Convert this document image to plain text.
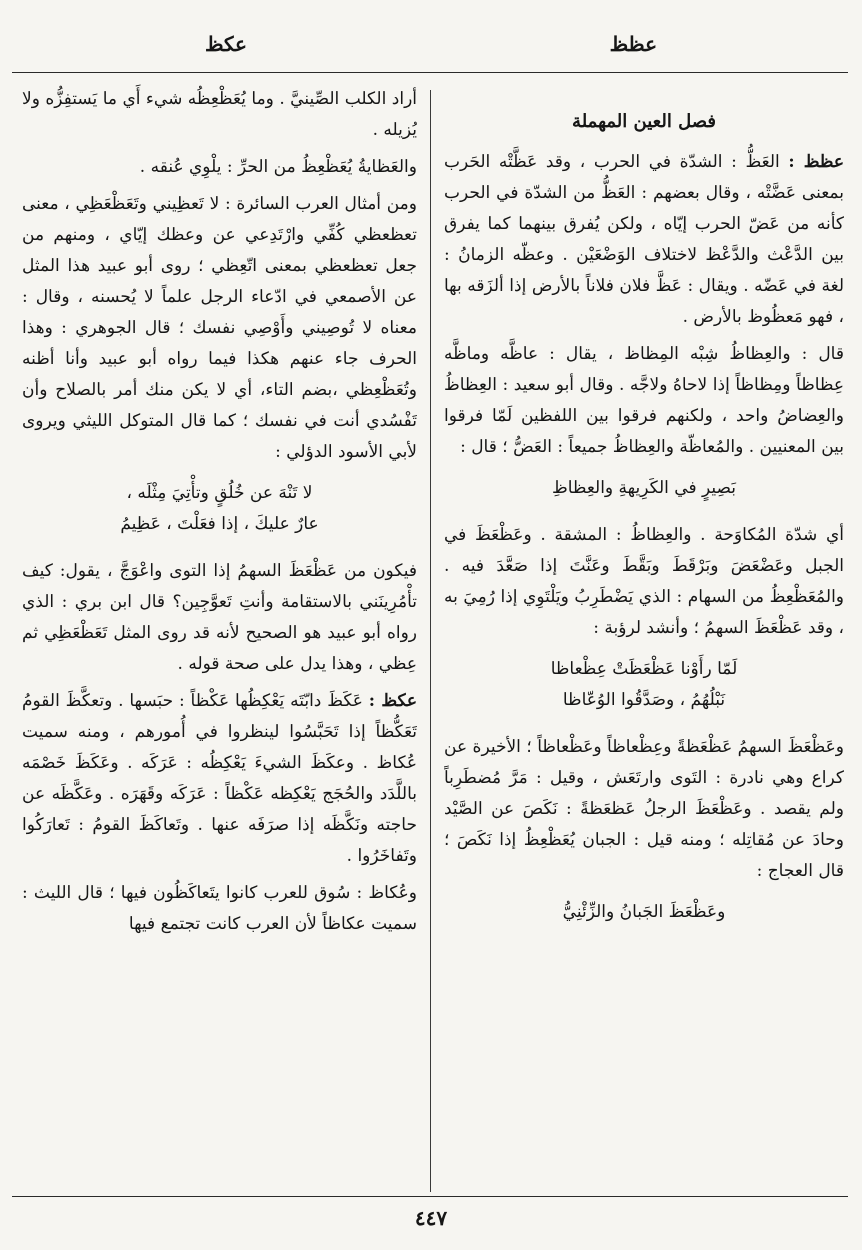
عظظ
عكظ
فصل العين المهملة

عظظ : العَظُّ : الشدّة في الحرب ، وقد عَظَّتْه الحَرب بمعنى عَضَّتْه ، وقال بعضهم : العَظُّ من الشدّة في الحرب كأنه من عَضّ الحرب إيّاه ، ولكن يُفرق بينهما كما يفرق بين الدَّعْث والدَّعْظ لاختلاف الوَضْعَيْن . وعظّه الزمانُ : لغة في عَضّه . ويقال : عَظَّ فلان فلاناً بالأرض إذا ألزَقه بها ، فهو مَعظُوظ بالأرض .

قال : والعِظاظُ شِبْه المِظاظ ، يقال : عاظَّه وماظَّه عِظاظاً ومِظاظاً إذا لاحاهُ ولاجَّه . وقال أبو سعيد : العِظاظُ والعِضاضُ واحد ، ولكنهم فرقوا بين اللفظين لَمّا فرقوا بين المعنيين . والمُعاظّة والعِظاظُ جميعاً : العَضُّ ؛ قال :

بَصِيرٍ في الكَرِيهةِ والعِظاظِ

أي شدّة المُكاوَحة . والعِظاظُ : المشقة . وعَظْعَظَ في الجبل وعَضْعَضَ وبَرْقَطَ وبَقَّطَ وعَنَّتَ إذا صَعَّدَ فيه . والمُعَظْعِظُ من السهام : الذي يَضْطَرِبُ ويَلْتَوِي إذا رُمِيَ به ، وقد عَظْعَظَ السهمُ ؛ وأنشد لرؤبة :

لَمّا رأَوْنا عَظْعَظَتْ عِظْعاظا
نَبْلُهُمُ ، وصَدَّقُوا الوُعّاظا

وعَظْعَظَ السهمُ عَظْعَظةً وعِظْعاظاً وعَظْعاظاً ؛ الأخيرة عن كراع وهي نادرة : التَوى وارتَعَش ، وقيل : مَرَّ مُضطَرِباً ولم يقصد . وعَظْعَظَ الرجلُ عَظعَظةً : نَكَصَ عن الصَّيْد وحادَ عن مُقاتِله ؛ ومنه قيل : الجبان يُعَظْعِظُ إذا نَكَصَ ؛ قال العجاج :

وعَظْعَظَ الجَبانُ والزِّئْنِيُّ

أراد الكلب الصِّينيَّ . وما يُعَظْعِظُه شيء أَي ما يَستفِزُّه ولا يُزيله .

والعَظايةُ يُعَظْعِظُ من الحرِّ : يلْوِي عُنقه .

ومن أمثال العرب السائرة : لا تَعظِيني وتَعَظْعَظِي ، معنى تعظعظي كُفِّي وارْتَدِعي عن وعظك إيّاي ، ومنهم من جعل تعظعظي بمعنى اتّعِظي ؛ روى أبو عبيد هذا المثل عن الأصمعي في ادّعاء الرجل علماً لا يُحسنه ، وقال : معناه لا تُوصِيني وأَوْصِي نفسك ؛ قال الجوهري : وهذا الحرف جاء عنهم هكذا فيما رواه أبو عبيد وأنا أظنه وتُعَظْعِظي ،بضم التاء، أي لا يكن منك أمر بالصلاح وأن تَفْسُدي أنت في نفسك ؛ كما قال المتوكل الليثي ويروى لأبي الأسود الدؤلي :

لا تَنْهَ عن خُلُقٍ وتأْتِيَ مِثْلَه ،
عارٌ عليكَ ، إذا فعَلْتَ ، عَظِيمُ

فيكون من عَظْعَظَ السهمُ إذا التوى واعْوَجَّ ، يقول: كيف تأْمُرِينَني بالاستقامة وأنتِ تَعوَّجِين؟ قال ابن بري : الذي رواه أبو عبيد هو الصحيح لأنه قد روى المثل تَعَظْعَظِي ثم عِظي ، وهذا يدل على صحة قوله .

عكظ : عَكَظَ دابّتَه يَعْكِظُها عَكْظاً : حبَسها . وتعكَّظَ القومُ تَعَكُّظاً إذا تَحَبَّسُوا لينظروا في أُمورهم ، ومنه سميت عُكاظ . وعكَظَ الشيءَ يَعْكِظُه : عَرَكَه . وعَكَظَ خَصْمَه باللَّدَد والحُجَج يَعْكِظه عَكْظاً : عَرَكَه وقَهَرَه . وعَكَّظَه عن حاجته ونَكَّظَه إذا صرَفَه عنها . وتَعاكَظَ القومُ : تَعارَكُوا وتَفاخَرُوا .

وعُكاظ : سُوق للعرب كانوا يتَعاكَظُون فيها ؛ قال الليث : سميت عكاظاً لأن العرب كانت تجتمع فيها

٤٤٧
